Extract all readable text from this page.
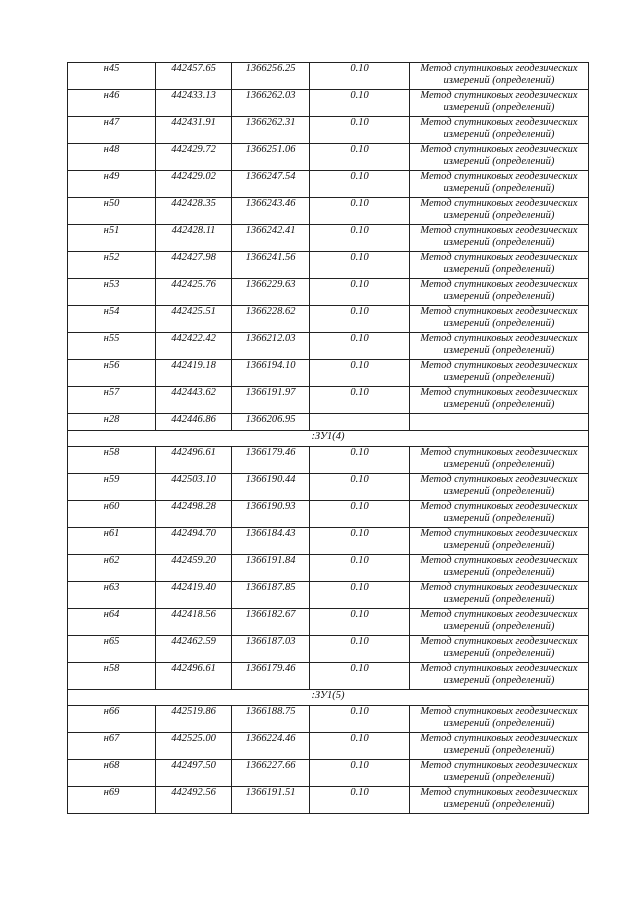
н45	442457.65	1366256.25	0.10	Метод спутниковых геодезических измерений (определений)
н46	442433.13	1366262.03	0.10	Метод спутниковых геодезических измерений (определений)
н47	442431.91	1366262.31	0.10	Метод спутниковых геодезических измерений (определений)
н48	442429.72	1366251.06	0.10	Метод спутниковых геодезических измерений (определений)
н49	442429.02	1366247.54	0.10	Метод спутниковых геодезических измерений (определений)
н50	442428.35	1366243.46	0.10	Метод спутниковых геодезических измерений (определений)
н51	442428.11	1366242.41	0.10	Метод спутниковых геодезических измерений (определений)
н52	442427.98	1366241.56	0.10	Метод спутниковых геодезических измерений (определений)
н53	442425.76	1366229.63	0.10	Метод спутниковых геодезических измерений (определений)
н54	442425.51	1366228.62	0.10	Метод спутниковых геодезических измерений (определений)
н55	442422.42	1366212.03	0.10	Метод спутниковых геодезических измерений (определений)
н56	442419.18	1366194.10	0.10	Метод спутниковых геодезических измерений (определений)
н57	442443.62	1366191.97	0.10	Метод спутниковых геодезических измерений (определений)
н28	442446.86	1366206.95		
:ЗУ1(4)				
н58	442496.61	1366179.46	0.10	Метод спутниковых геодезических измерений (определений)
н59	442503.10	1366190.44	0.10	Метод спутниковых геодезических измерений (определений)
н60	442498.28	1366190.93	0.10	Метод спутниковых геодезических измерений (определений)
н61	442494.70	1366184.43	0.10	Метод спутниковых геодезических измерений (определений)
н62	442459.20	1366191.84	0.10	Метод спутниковых геодезических измерений (определений)
н63	442419.40	1366187.85	0.10	Метод спутниковых геодезических измерений (определений)
н64	442418.56	1366182.67	0.10	Метод спутниковых геодезических измерений (определений)
н65	442462.59	1366187.03	0.10	Метод спутниковых геодезических измерений (определений)
н58	442496.61	1366179.46	0.10	Метод спутниковых геодезических измерений (определений)
:ЗУ1(5)				
н66	442519.86	1366188.75	0.10	Метод спутниковых геодезических измерений (определений)
н67	442525.00	1366224.46	0.10	Метод спутниковых геодезических измерений (определений)
н68	442497.50	1366227.66	0.10	Метод спутниковых геодезических измерений (определений)
н69	442492.56	1366191.51	0.10	Метод спутниковых геодезических измерений (определений)
